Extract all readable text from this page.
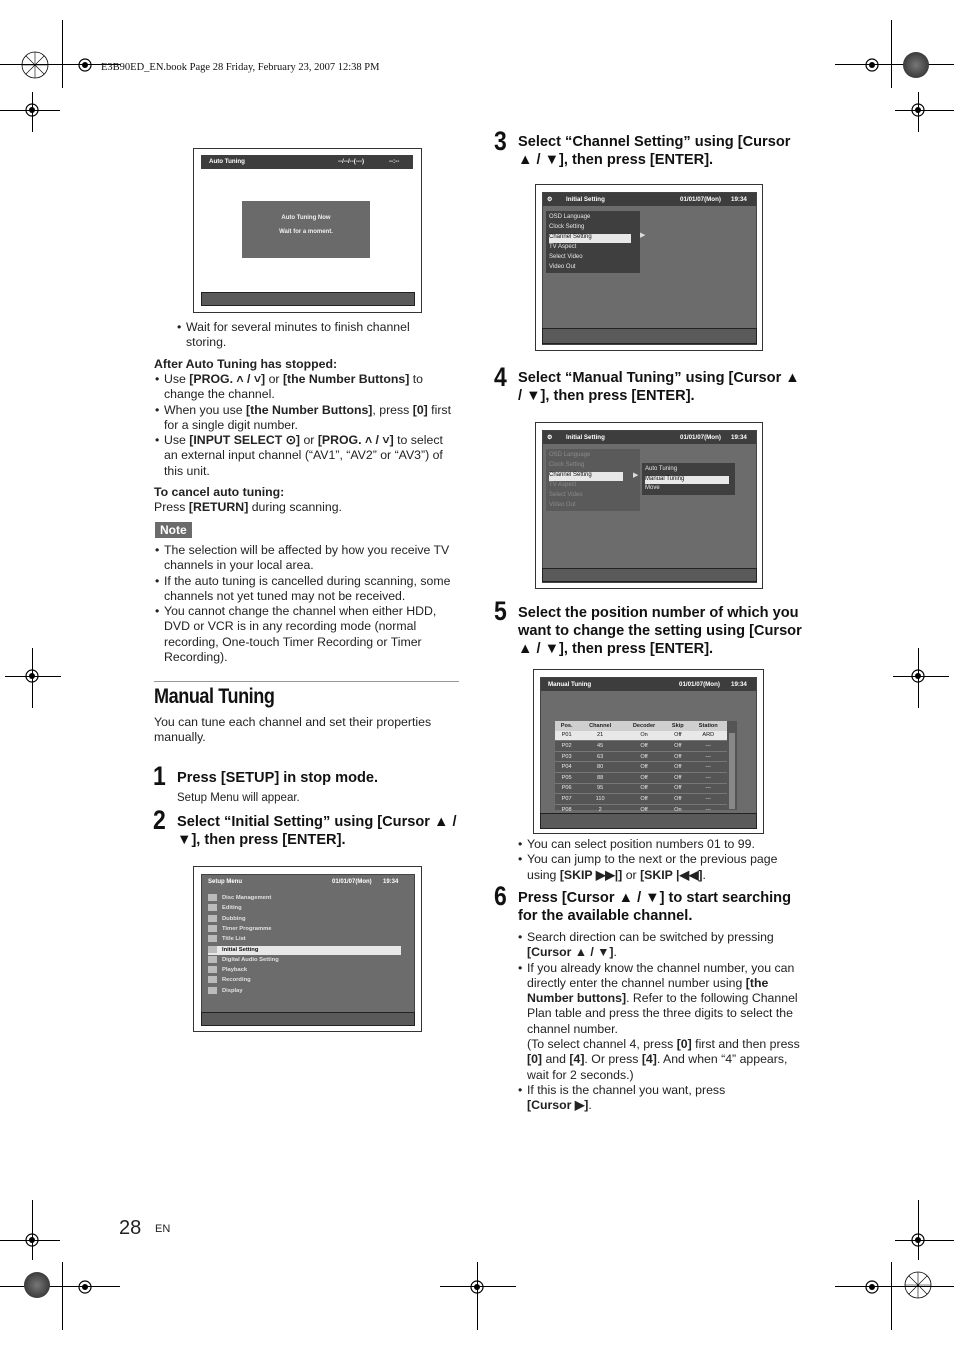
E3B90ED_EN.book Page 28 Friday, February 23, 2007 12:38 PM
Auto Tuning	--/--/--(---)	--:--
Auto Tuning Now
Wait for a moment.
• Wait for several minutes to finish channel storing.
After Auto Tuning has stopped:
• Use [PROG. ˄ / ˅] or [the Number Buttons] to change the channel.
• When you use [the Number Buttons], press [0] first for a single digit number.
• Use [INPUT SELECT ⊙] or [PROG. ˄ / ˅] to select an external input channel (“AV1”, “AV2” or “AV3”) of this unit.
To cancel auto tuning:
Press [RETURN] during scanning.
Note
• The selection will be affected by how you receive TV channels in your local area.
• If the auto tuning is cancelled during scanning, some channels not yet tuned may not be received.
• You cannot change the channel when either HDD, DVD or VCR is in any recording mode (normal recording, One-touch Timer Recording or Timer Recording).
Manual Tuning
You can tune each channel and set their properties manually.
1 Press [SETUP] in stop mode.
Setup Menu will appear.
2 Select “Initial Setting” using [Cursor ▲ / ▼], then press [ENTER].
Setup Menu	01/01/07(Mon) 19:34
Disc Management
Editing
Dubbing
Timer Programme
Title List
Initial Setting
Digital Audio Setting
Playback
Recording
Display
3 Select “Channel Setting” using [Cursor ▲ / ▼], then press [ENTER].
⚙ Initial Setting	01/01/07(Mon) 19:34
OSD Language
Clock Setting
Channel Setting
TV Aspect
Select Video
Video Out
▶
4 Select “Manual Tuning” using [Cursor ▲ / ▼], then press [ENTER].
⚙ Initial Setting	01/01/07(Mon) 19:34
OSD Language
Clock Setting
Channel Setting
TV Aspect
Select Video
Video Out
▶
Auto Tuning
Manual Tuning
Move
5 Select the position number of which you want to change the setting using [Cursor ▲ / ▼], then press [ENTER].
Manual Tuning	01/01/07(Mon) 19:34
Pos.	Channel	Decoder	Skip	Station
P01	21	On	Off	ARD
P02	45	Off	Off	---
P03	63	Off	Off	---
P04	80	Off	Off	---
P05	88	Off	Off	---
P06	95	Off	Off	---
P07	110	Off	Off	---
P08	2	Off	On	---
• You can select position numbers 01 to 99.
• You can jump to the next or the previous page using [SKIP ▶▶|] or [SKIP |◀◀].
6 Press [Cursor ▲ / ▼] to start searching for the available channel.
• Search direction can be switched by pressing [Cursor ▲ / ▼].
• If you already know the channel number, you can directly enter the channel number using [the Number buttons]. Refer to the following Channel Plan table and press the three digits to select the channel number.
(To select channel 4, press [0] first and then press [0] and [4]. Or press [4]. And when “4” appears, wait for 2 seconds.)
• If this is the channel you want, press
[Cursor ▶].
28 EN
